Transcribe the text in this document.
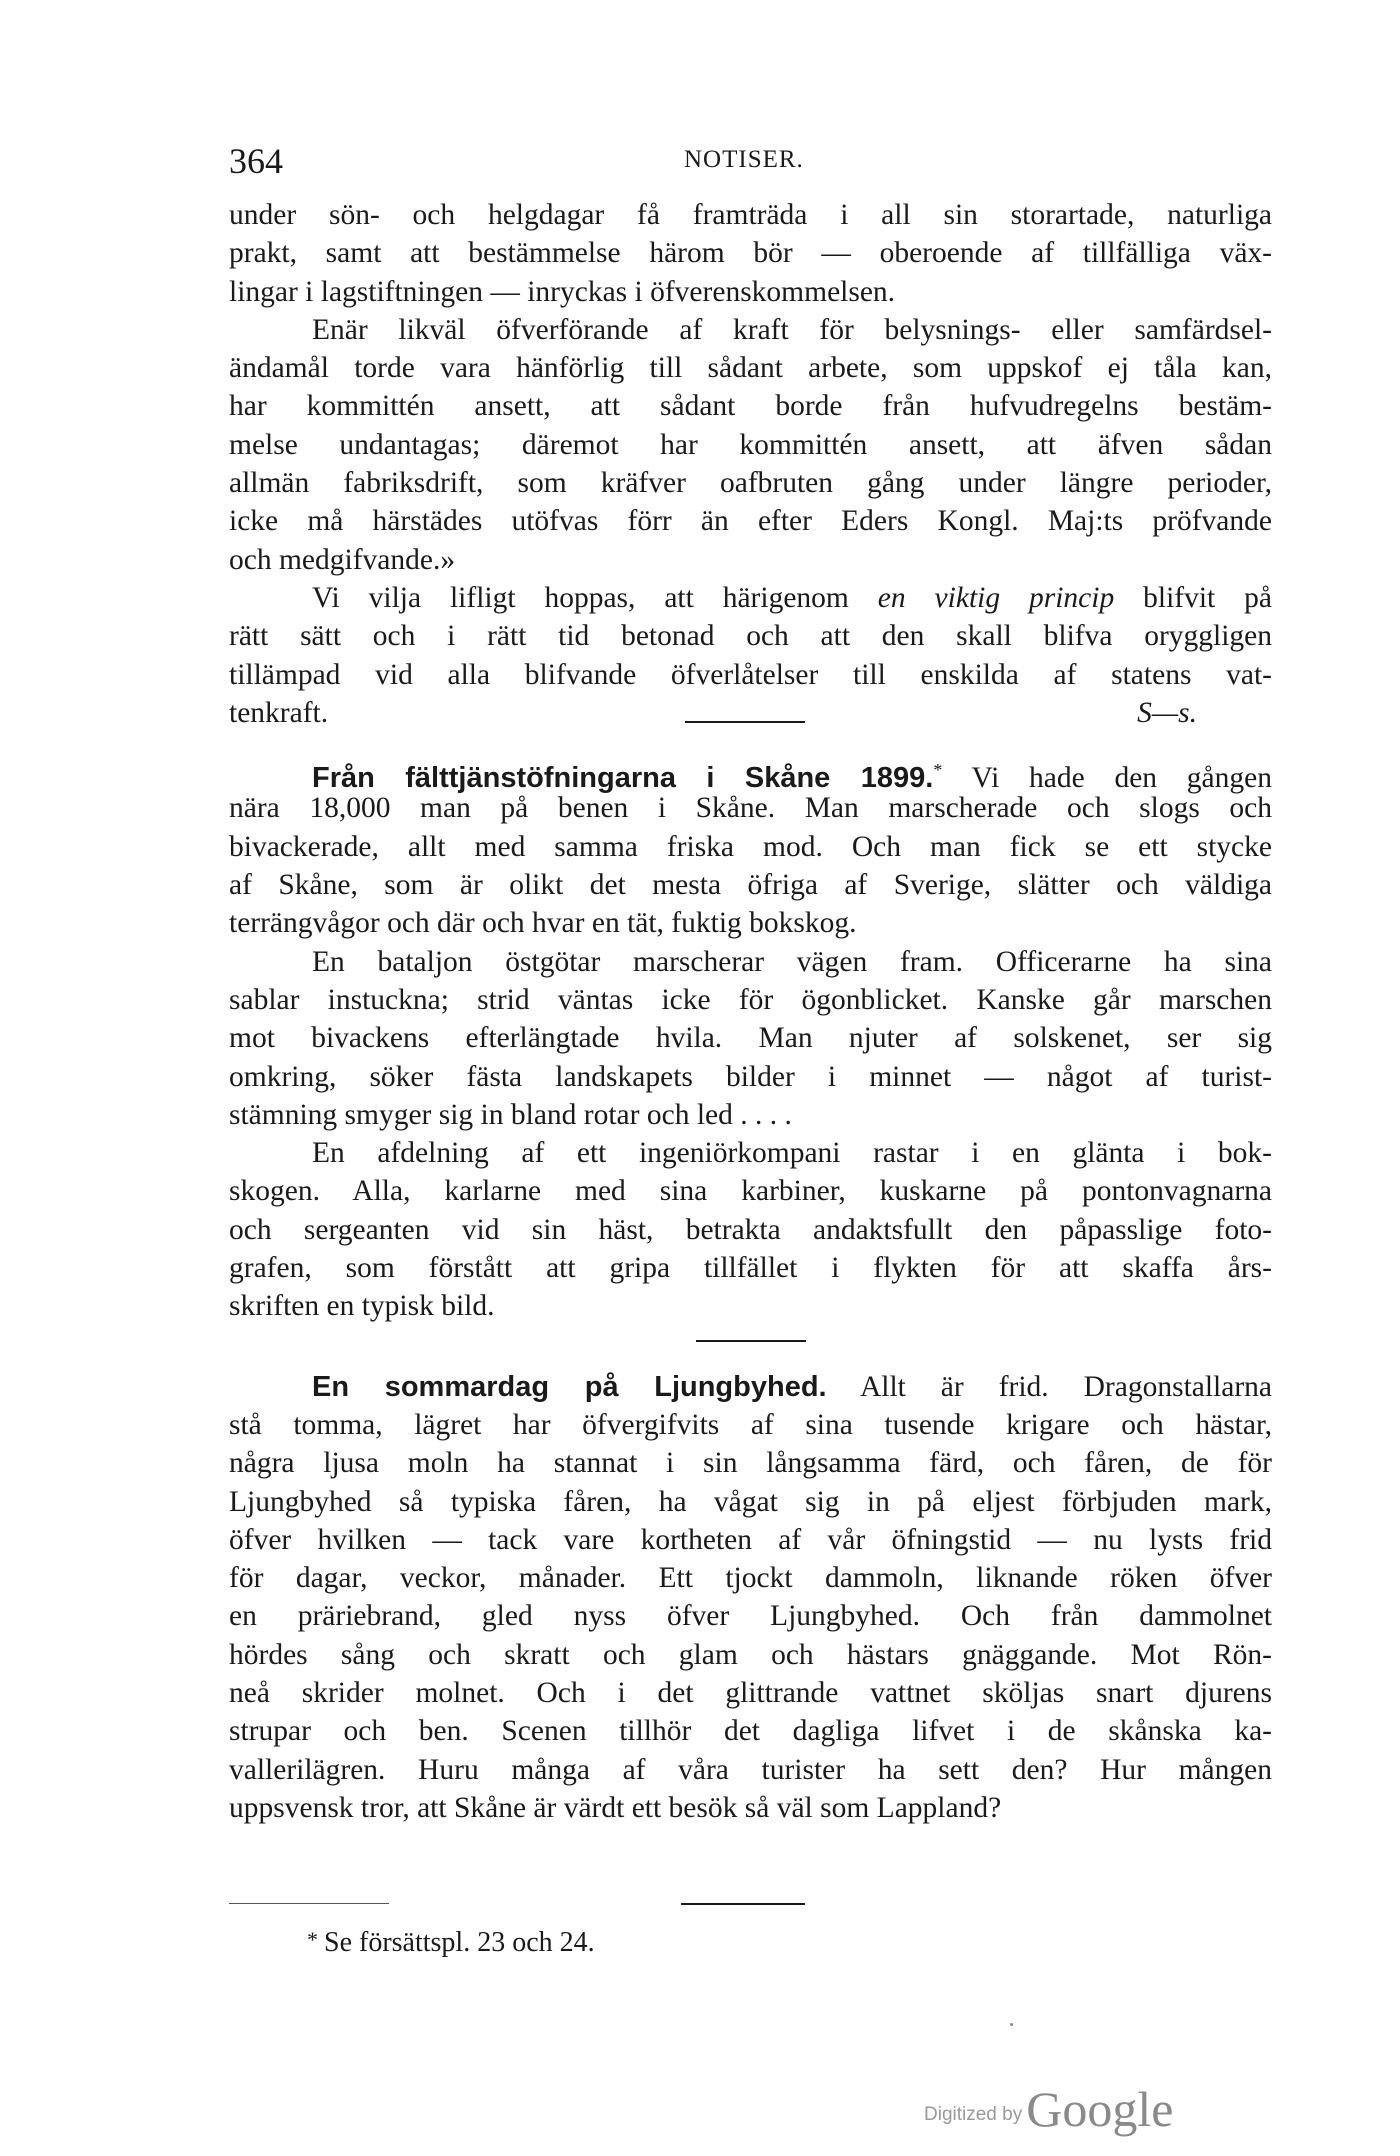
364	NOTISER.
under sön- och helgdagar få framträda i all sin storartade, naturliga
prakt, samt att bestämmelse härom bör — oberoende af tillfälliga väx-
lingar i lagstiftningen — inryckas i öfverenskommelsen.
Enär likväl öfverförande af kraft för belysnings- eller samfärdsel-
ändamål torde vara hänförlig till sådant arbete, som uppskof ej tåla kan,
har kommittén ansett, att sådant borde från hufvudregelns bestäm-
melse undantagas; däremot har kommittén ansett, att äfven sådan
allmän fabriksdrift, som kräfver oafbruten gång under längre perioder,
icke må härstädes utöfvas förr än efter Eders Kongl. Maj:ts pröfvande
och medgifvande.»
Vi vilja lifligt hoppas, att härigenom en viktig princip blifvit på
rätt sätt och i rätt tid betonad och att den skall blifva oryggligen
tillämpad vid alla blifvande öfverlåtelser till enskilda af statens vat-
tenkraft.	S—s.
Från fälttjänstöfningarna i Skåne 1899.* Vi hade den gången
nära 18,000 man på benen i Skåne. Man marscherade och slogs och
bivackerade, allt med samma friska mod. Och man fick se ett stycke
af Skåne, som är olikt det mesta öfriga af Sverige, slätter och väldiga
terrängvågor och där och hvar en tät, fuktig bokskog.
En bataljon östgötar marscherar vägen fram. Officerarne ha sina
sablar instuckna; strid väntas icke för ögonblicket. Kanske går marschen
mot bivackens efterlängtade hvila. Man njuter af solskenet, ser sig
omkring, söker fästa landskapets bilder i minnet — något af turist-
stämning smyger sig in bland rotar och led . . . .
En afdelning af ett ingeniörkompani rastar i en glänta i bok-
skogen. Alla, karlarne med sina karbiner, kuskarne på pontonvagnarna
och sergeanten vid sin häst, betrakta andaktsfullt den påpasslige foto-
grafen, som förstått att gripa tillfället i flykten för att skaffa års-
skriften en typisk bild.
En sommardag på Ljungbyhed. Allt är frid. Dragonstallarna
stå tomma, lägret har öfvergifvits af sina tusende krigare och hästar,
några ljusa moln ha stannat i sin långsamma färd, och fåren, de för
Ljungbyhed så typiska fåren, ha vågat sig in på eljest förbjuden mark,
öfver hvilken — tack vare kortheten af vår öfningstid — nu lysts frid
för dagar, veckor, månader. Ett tjockt dammoln, liknande röken öfver
en präriebrand, gled nyss öfver Ljungbyhed. Och från dammolnet
hördes sång och skratt och glam och hästars gnäggande. Mot Rön-
neå skrider molnet. Och i det glittrande vattnet sköljas snart djurens
strupar och ben. Scenen tillhör det dagliga lifvet i de skånska ka-
vallerilägren. Huru många af våra turister ha sett den? Hur mången
uppsvensk tror, att Skåne är värdt ett besök så väl som Lappland?
* Se försättspl. 23 och 24.
Digitized byGoogle
